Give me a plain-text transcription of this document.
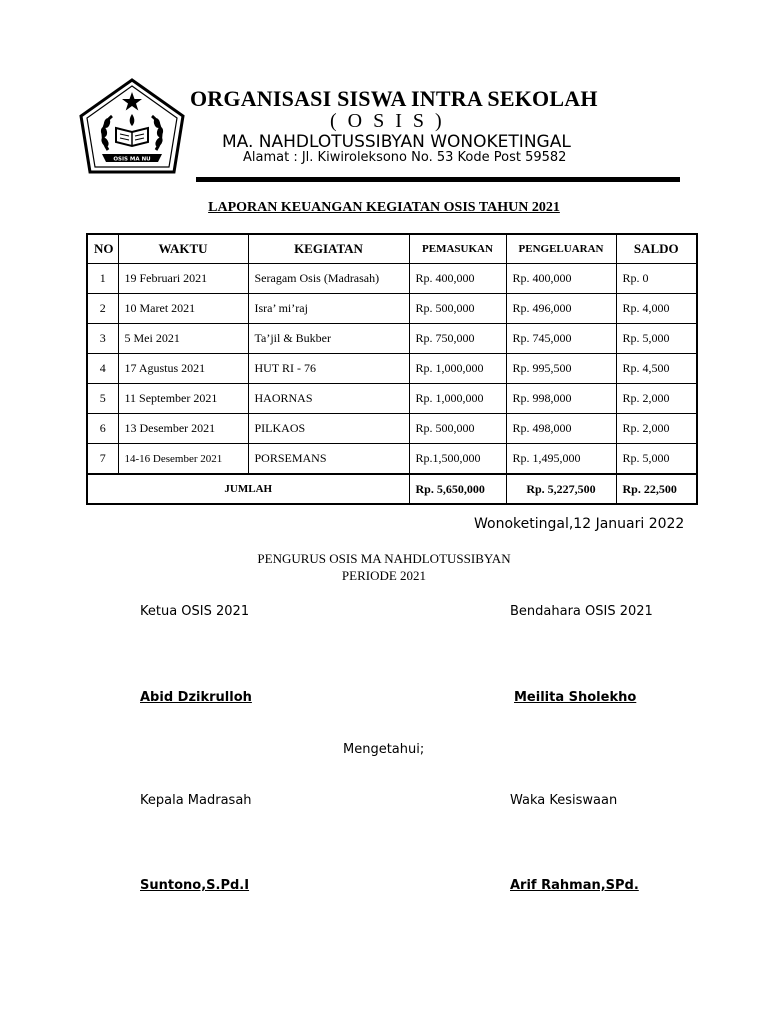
OSIS MA NU
ORGANISASI SISWA INTRA SEKOLAH
( O S I S )
MA. NAHDLOTUSSIBYAN WONOKETINGAL
Alamat : Jl. Kiwiroleksono No. 53 Kode Post 59582
LAPORAN KEUANGAN KEGIATAN OSIS TAHUN 2021
NO	WAKTU	KEGIATAN	PEMASUKAN	PENGELUARAN	SALDO
1	19 Februari 2021	Seragam Osis (Madrasah)	Rp. 400,000	Rp. 400,000	Rp. 0
2	10 Maret 2021	Isra’ mi’raj	Rp. 500,000	Rp. 496,000	Rp. 4,000
3	5 Mei 2021	Ta’jil & Bukber	Rp. 750,000	Rp. 745,000	Rp. 5,000
4	17 Agustus 2021	HUT RI - 76	Rp. 1,000,000	Rp. 995,500	Rp. 4,500
5	11 September 2021	HAORNAS	Rp. 1,000,000	Rp. 998,000	Rp. 2,000
6	13 Desember 2021	PILKAOS	Rp. 500,000	Rp. 498,000	Rp. 2,000
7	14-16 Desember 2021	PORSEMANS	Rp.1,500,000	Rp. 1,495,000	Rp. 5,000
JUMLAH			Rp. 5,650,000	Rp. 5,227,500	Rp. 22,500
Wonoketingal,12 Januari 2022
PENGURUS OSIS MA NAHDLOTUSSIBYAN
PERIODE 2021
Ketua OSIS 2021	Bendahara OSIS 2021
Abid Dzikrulloh	Meilita Sholekho
Mengetahui;
Kepala Madrasah	Waka Kesiswaan
Suntono,S.Pd.I	Arif Rahman,SPd.
